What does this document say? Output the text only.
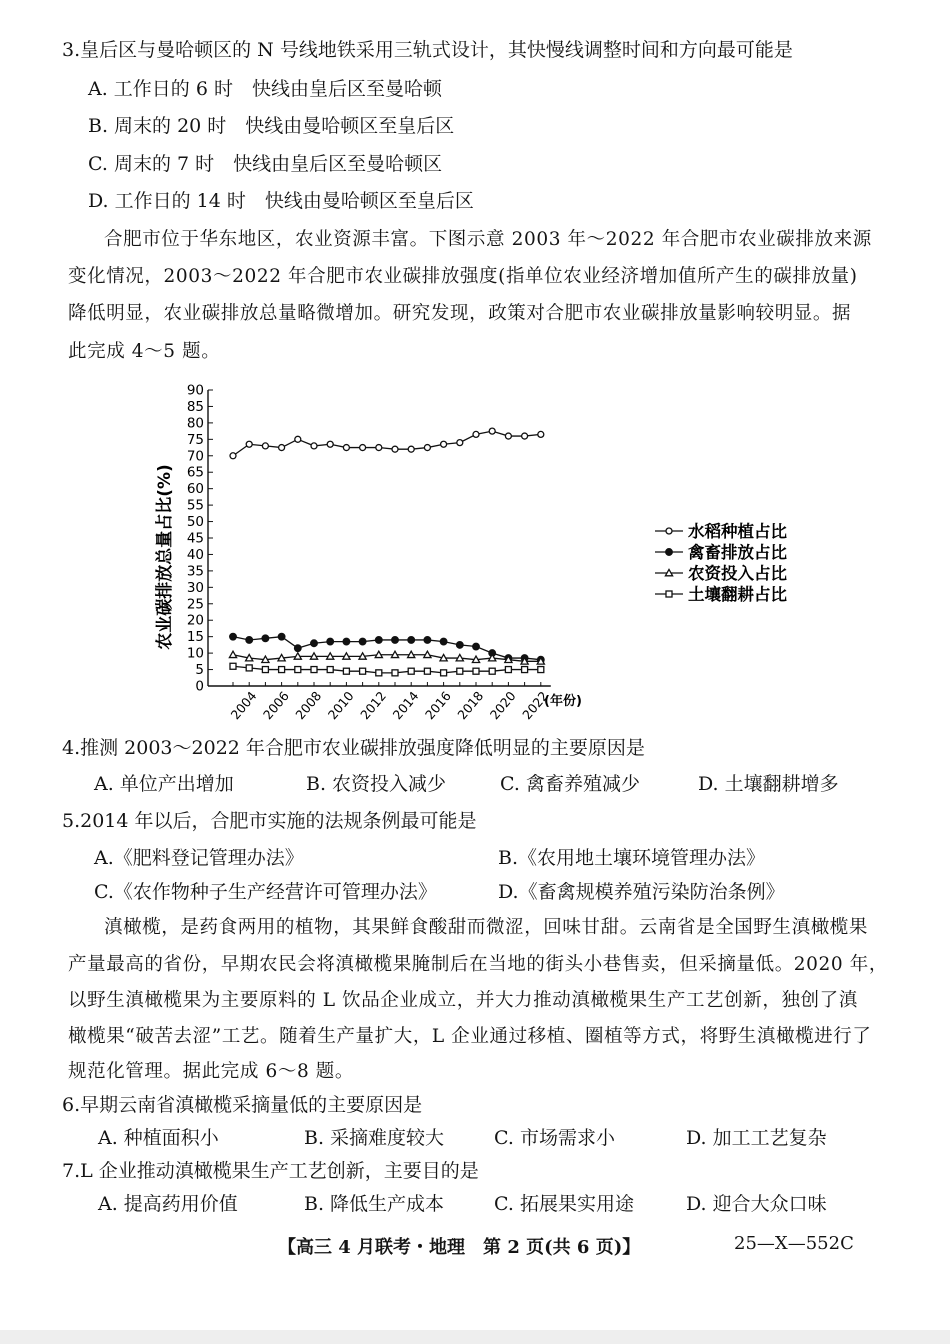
3.皇后区与曼哈顿区的 N 号线地铁采用三轨式设计，其快慢线调整时间和方向最可能是
A. 工作日的 6 时　快线由皇后区至曼哈顿
B. 周末的 20 时　快线由曼哈顿区至皇后区
C. 周末的 7 时　快线由皇后区至曼哈顿区
D. 工作日的 14 时　快线由曼哈顿区至皇后区
合肥市位于华东地区，农业资源丰富。下图示意 2003 年～2022 年合肥市农业碳排放来源
变化情况，2003～2022 年合肥市农业碳排放强度(指单位农业经济增加值所产生的碳排放量)
降低明显，农业碳排放总量略微增加。研究发现，政策对合肥市农业碳排放量影响较明显。据
此完成 4～5 题。
0
5
10
15
20
25
30
35
40
45
50
55
60
65
70
75
80
85
90
2004 2006 2008 2010 2012 2014 2016 2018 2020 2022
水稻种植占比
禽畜排放占比
农资投入占比
土壤翻耕占比
农业碳排放总量占比(%)
(年份)
4.推测 2003～2022 年合肥市农业碳排放强度降低明显的主要原因是
A. 单位产出增加	B. 农资投入减少	C. 禽畜养殖减少	D. 土壤翻耕增多
5.2014 年以后，合肥市实施的法规条例最可能是
A.《肥料登记管理办法》	B.《农用地土壤环境管理办法》
C.《农作物种子生产经营许可管理办法》	D.《畜禽规模养殖污染防治条例》
滇橄榄，是药食两用的植物，其果鲜食酸甜而微涩，回味甘甜。云南省是全国野生滇橄榄果
产量最高的省份，早期农民会将滇橄榄果腌制后在当地的街头小巷售卖，但采摘量低。2020 年，
以野生滇橄榄果为主要原料的 L 饮品企业成立，并大力推动滇橄榄果生产工艺创新，独创了滇
橄榄果“破苦去涩”工艺。随着生产量扩大，L 企业通过移植、圈植等方式，将野生滇橄榄进行了
规范化管理。据此完成 6～8 题。
6.早期云南省滇橄榄采摘量低的主要原因是
A. 种植面积小	B. 采摘难度较大	C. 市场需求小	D. 加工工艺复杂
7.L 企业推动滇橄榄果生产工艺创新，主要目的是
A. 提高药用价值	B. 降低生产成本	C. 拓展果实用途	D. 迎合大众口味
【高三 4 月联考・地理　第 2 页(共 6 页)】	25—X—552C
